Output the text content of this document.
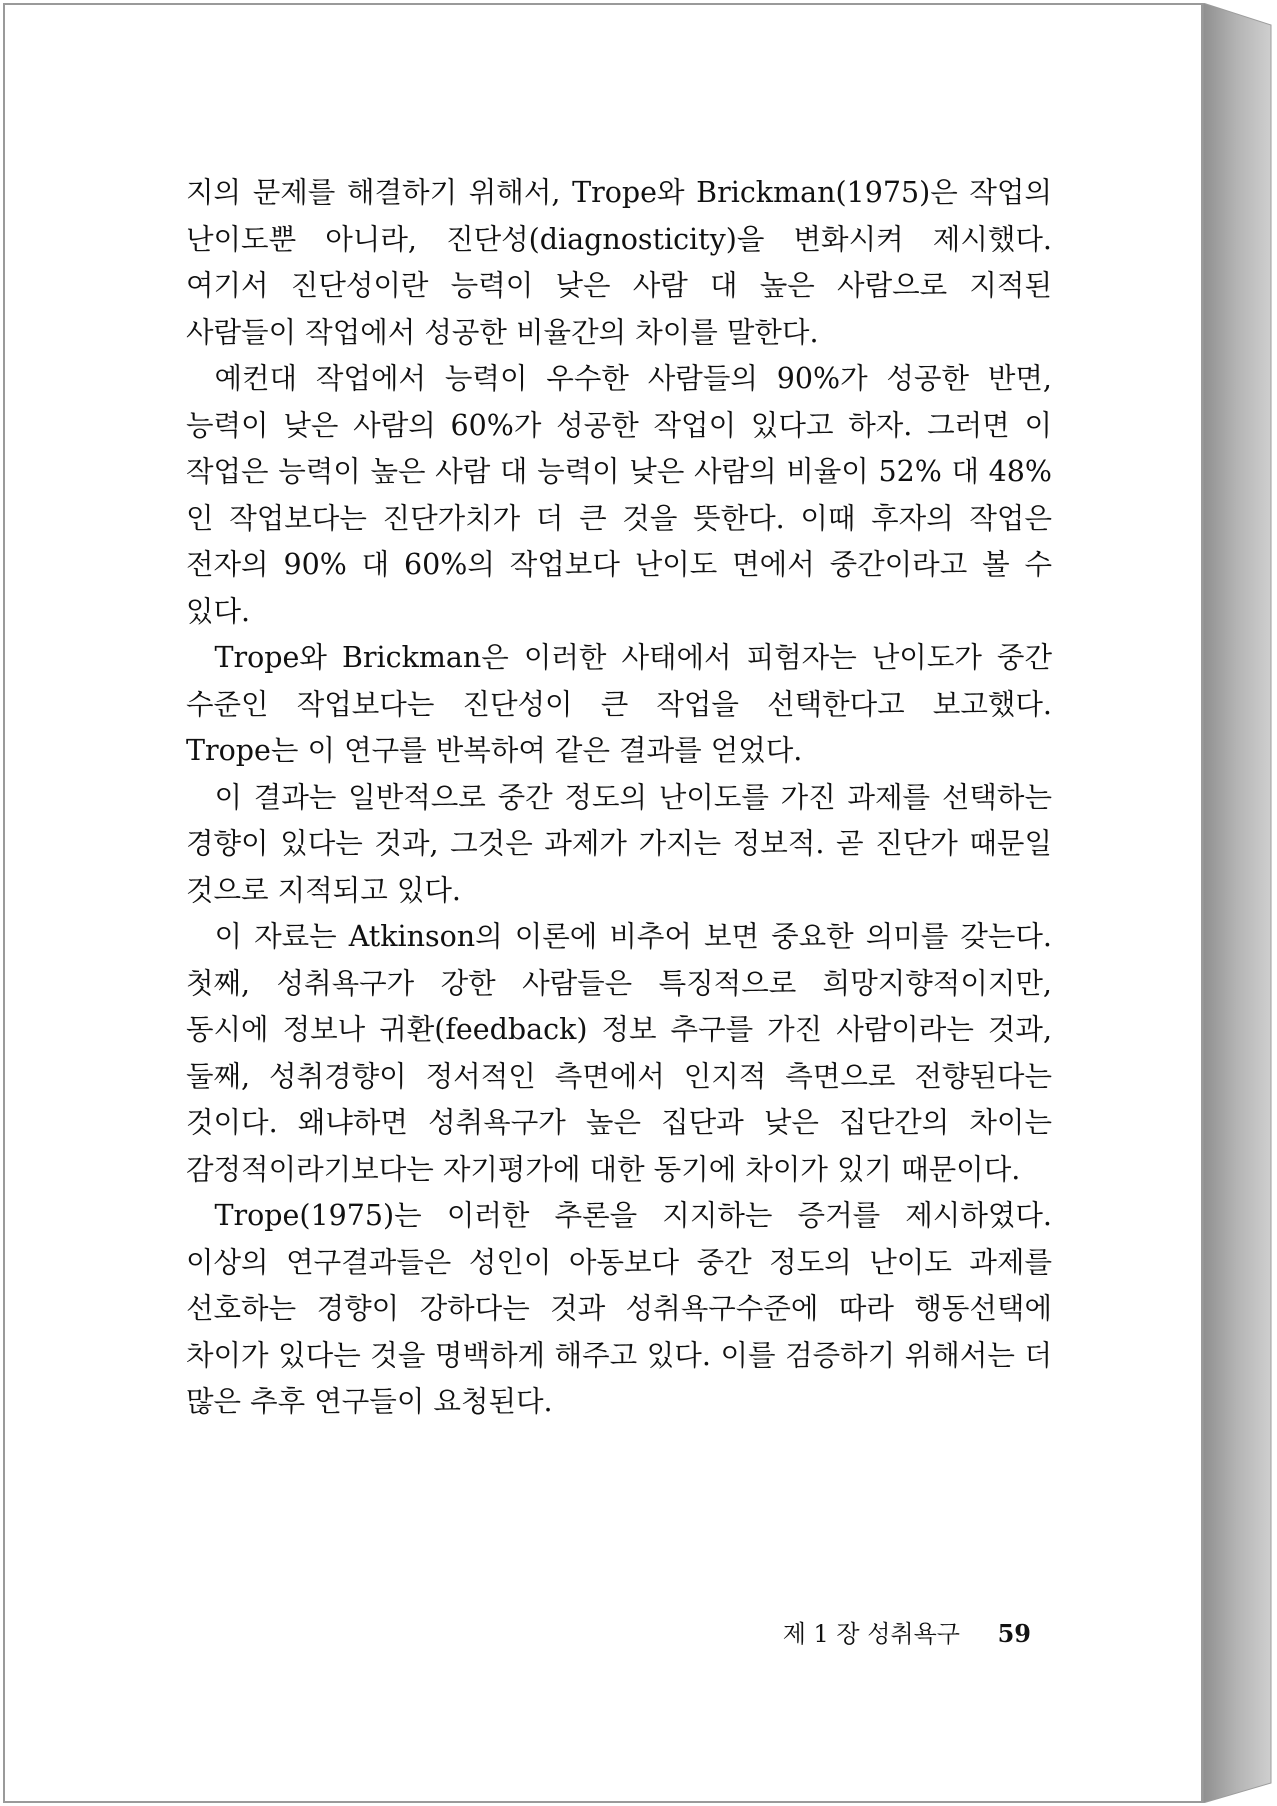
지의 문제를 해결하기 위해서, Trope와 Brickman(1975)은 작업의 난이도뿐 아니라, 진단성(diagnosticity)을 변화시켜 제시했다. 여기서 진단성이란 능력이 낮은 사람 대 높은 사람으로 지적된 사람들이 작업에서 성공한 비율간의 차이를 말한다.

예컨대 작업에서 능력이 우수한 사람들의 90%가 성공한 반면, 능력이 낮은 사람의 60%가 성공한 작업이 있다고 하자. 그러면 이 작업은 능력이 높은 사람 대 능력이 낮은 사람의 비율이 52% 대 48%인 작업보다는 진단가치가 더 큰 것을 뜻한다. 이때 후자의 작업은 전자의 90% 대 60%의 작업보다 난이도 면에서 중간이라고 볼 수 있다.

Trope와 Brickman은 이러한 사태에서 피험자는 난이도가 중간 수준인 작업보다는 진단성이 큰 작업을 선택한다고 보고했다. Trope는 이 연구를 반복하여 같은 결과를 얻었다.

이 결과는 일반적으로 중간 정도의 난이도를 가진 과제를 선택하는 경향이 있다는 것과, 그것은 과제가 가지는 정보적. 곧 진단가 때문일 것으로 지적되고 있다.

이 자료는 Atkinson의 이론에 비추어 보면 중요한 의미를 갖는다. 첫째, 성취욕구가 강한 사람들은 특징적으로 희망지향적이지만, 동시에 정보나 귀환(feedback) 정보 추구를 가진 사람이라는 것과, 둘째, 성취경향이 정서적인 측면에서 인지적 측면으로 전향된다는 것이다. 왜냐하면 성취욕구가 높은 집단과 낮은 집단간의 차이는 감정적이라기보다는 자기평가에 대한 동기에 차이가 있기 때문이다.

Trope(1975)는 이러한 추론을 지지하는 증거를 제시하였다. 이상의 연구결과들은 성인이 아동보다 중간 정도의 난이도 과제를 선호하는 경향이 강하다는 것과 성취욕구수준에 따라 행동선택에 차이가 있다는 것을 명백하게 해주고 있다. 이를 검증하기 위해서는 더 많은 추후 연구들이 요청된다.

제 1 장 성취욕구 59
